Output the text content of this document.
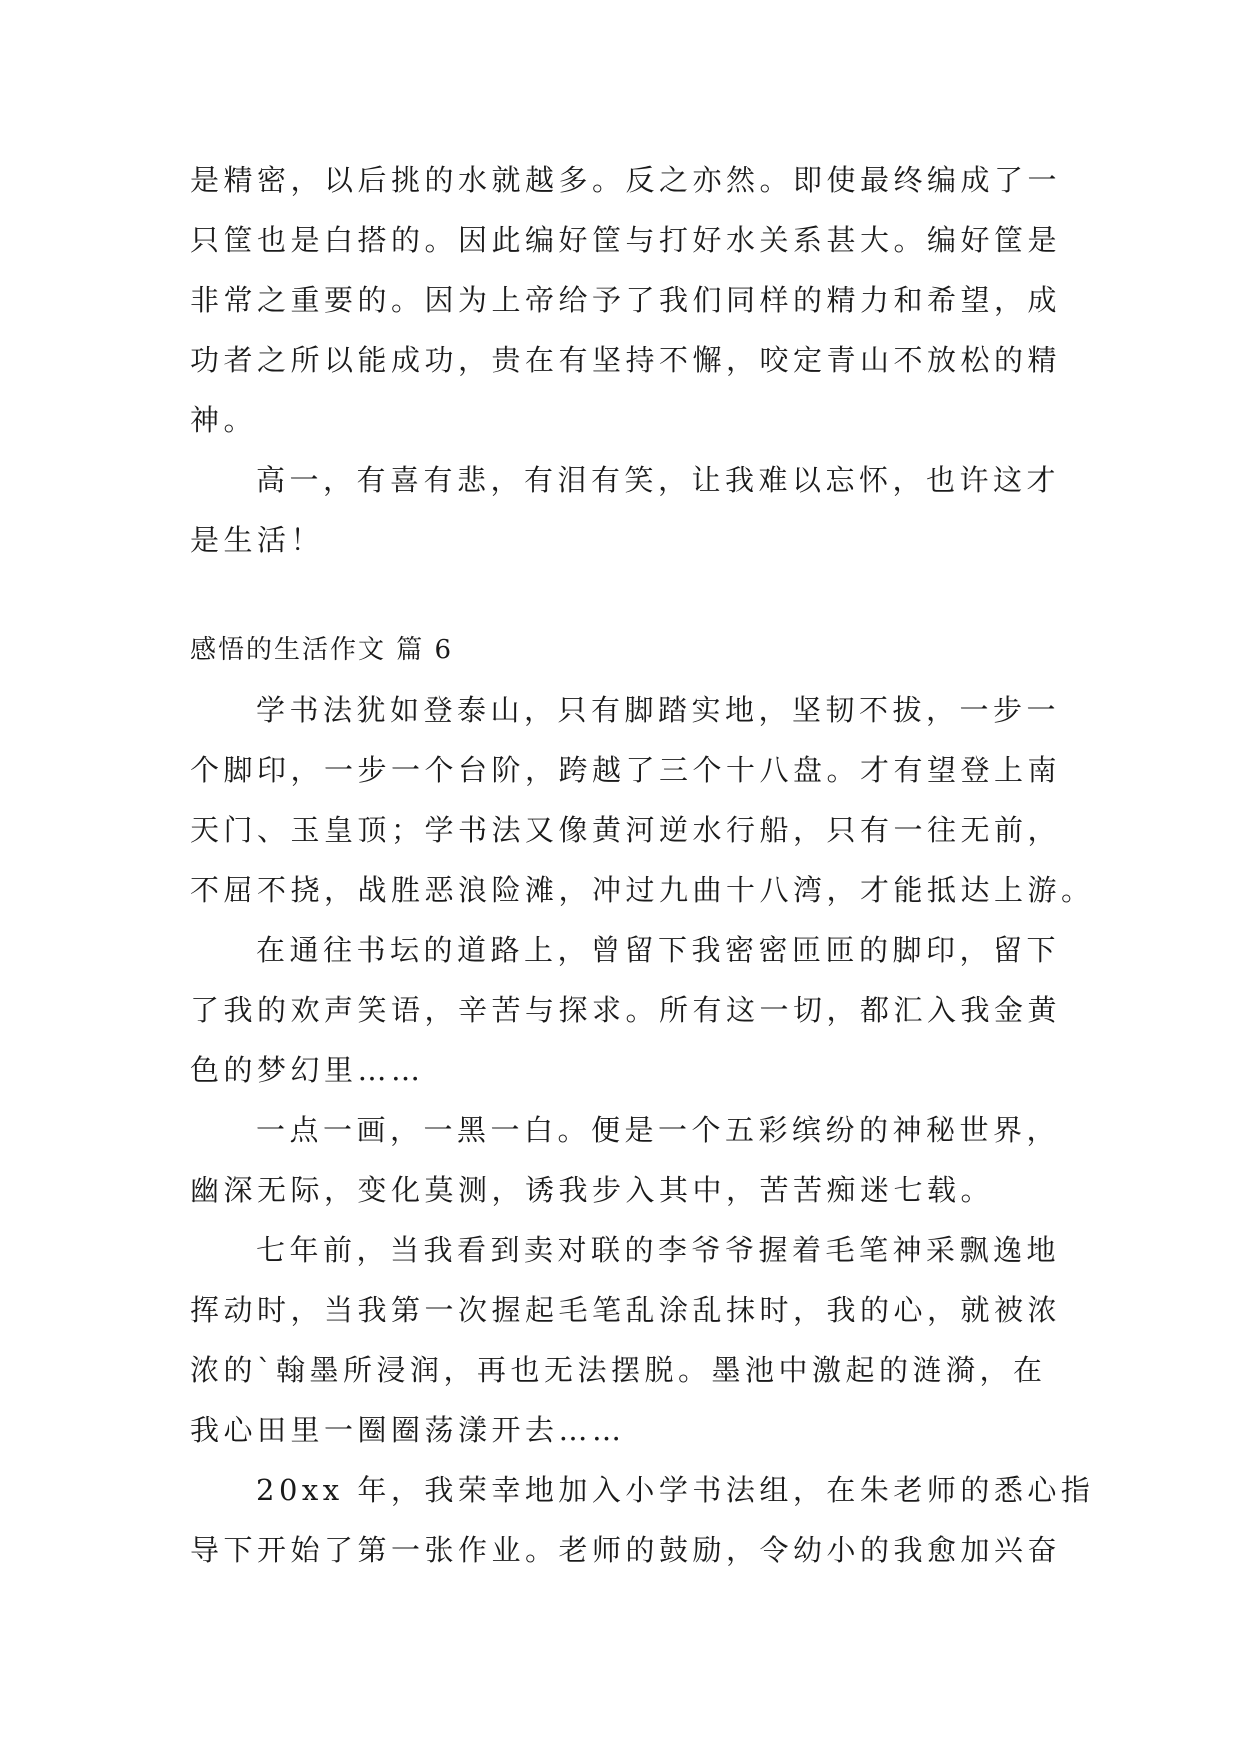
是精密，以后挑的水就越多。反之亦然。即使最终编成了一
只筐也是白搭的。因此编好筐与打好水关系甚大。编好筐是
非常之重要的。因为上帝给予了我们同样的精力和希望，成
功者之所以能成功，贵在有坚持不懈，咬定青山不放松的精
神。
高一，有喜有悲，有泪有笑，让我难以忘怀，也许这才
是生活！
感悟的生活作文 篇 6
学书法犹如登泰山，只有脚踏实地，坚韧不拔，一步一
个脚印，一步一个台阶，跨越了三个十八盘。才有望登上南
天门、玉皇顶；学书法又像黄河逆水行船，只有一往无前，
不屈不挠，战胜恶浪险滩，冲过九曲十八湾，才能抵达上游。
在通往书坛的道路上，曾留下我密密匝匝的脚印，留下
了我的欢声笑语，辛苦与探求。所有这一切，都汇入我金黄
色的梦幻里……
一点一画，一黑一白。便是一个五彩缤纷的神秘世界，
幽深无际，变化莫测，诱我步入其中，苦苦痴迷七载。
七年前，当我看到卖对联的李爷爷握着毛笔神采飘逸地
挥动时，当我第一次握起毛笔乱涂乱抹时，我的心，就被浓
浓的`翰墨所浸润，再也无法摆脱。墨池中激起的涟漪，在
我心田里一圈圈荡漾开去……
20xx 年，我荣幸地加入小学书法组，在朱老师的悉心指
导下开始了第一张作业。老师的鼓励，令幼小的我愈加兴奋
